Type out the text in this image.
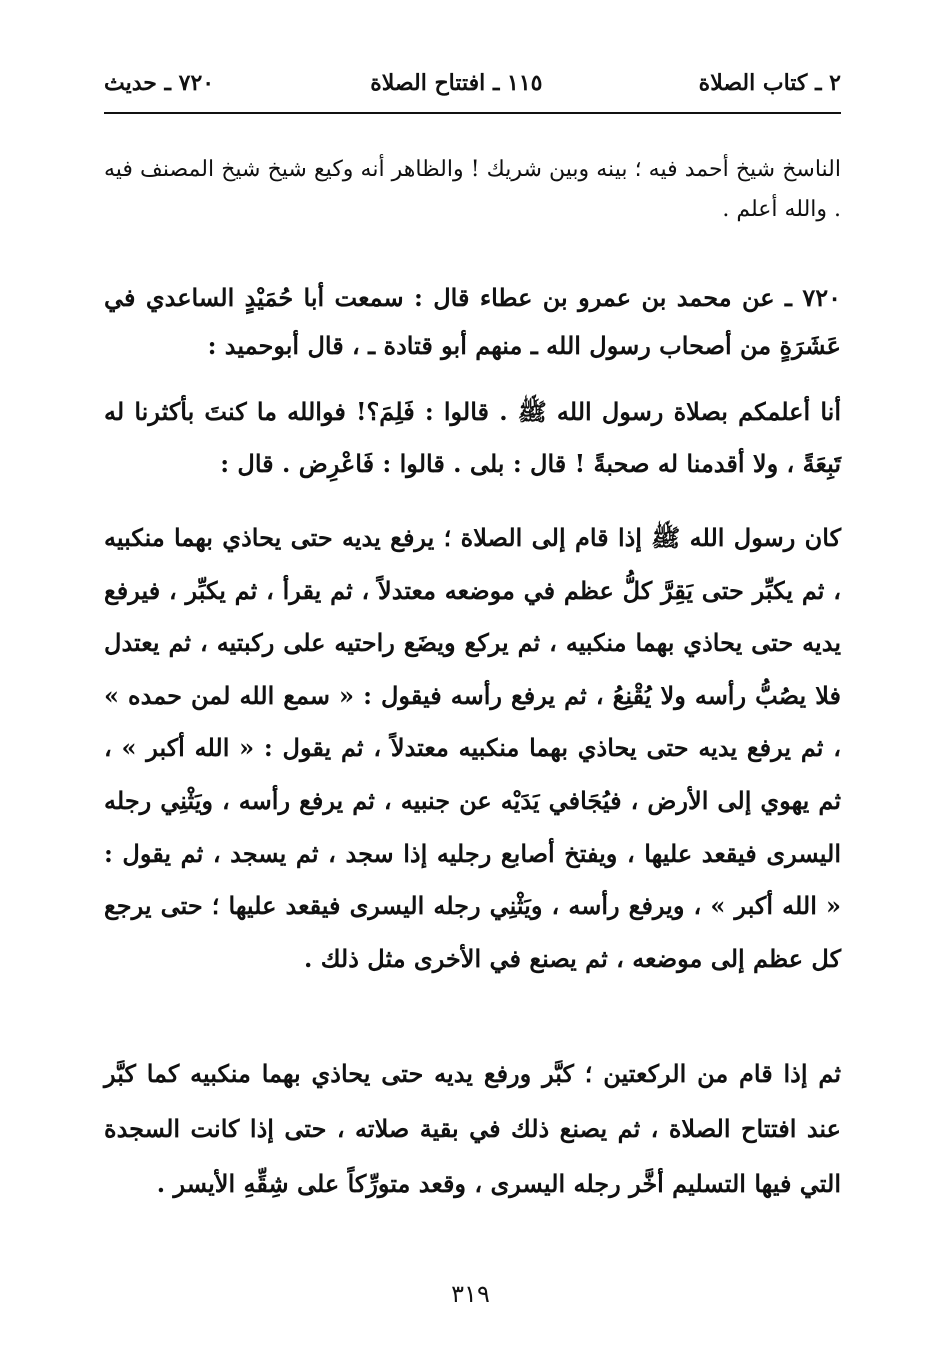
٢ ـ كتاب الصلاة
١١٥ ـ افتتاح الصلاة
٧٢٠ ـ حديث

الناسخ شيخ أحمد فيه ؛ بينه وبين شريك ! والظاهر أنه وكيع شيخ شيخ المصنف فيه . والله أعلم .

٧٢٠ ـ عن محمد بن عمرو بن عطاء قال : سمعت أبا حُمَيْدٍ الساعدي في عَشَرَةٍ من أصحاب رسول الله ـ منهم أبو قتادة ـ ، قال أبوحميد :

أنا أعلمكم بصلاة رسول الله ﷺ . قالوا : فَلِمَ؟! فوالله ما كنتَ بأكثرنا له تَبِعَةً ، ولا أقدمنا له صحبةً ! قال : بلى . قالوا : فَاعْرِض . قال :

كان رسول الله ﷺ إذا قام إلى الصلاة ؛ يرفع يديه حتى يحاذي بهما منكبيه ، ثم يكبِّر حتى يَقِرَّ كلُّ عظم في موضعه معتدلاً ، ثم يقرأ ، ثم يكبِّر ، فيرفع يديه حتى يحاذي بهما منكبيه ، ثم يركع ويضَع راحتيه على ركبتيه ، ثم يعتدل فلا يصُبُّ رأسه ولا يُقْنِعُ ، ثم يرفع رأسه فيقول : « سمع الله لمن حمده » ، ثم يرفع يديه حتى يحاذي بهما منكبيه معتدلاً ، ثم يقول : « الله أكبر » ، ثم يهوي إلى الأرض ، فيُجَافي يَدَيْه عن جنبيه ، ثم يرفع رأسه ، ويَثْنِي رجله اليسرى فيقعد عليها ، ويفتخ أصابع رجليه إذا سجد ، ثم يسجد ، ثم يقول : « الله أكبر » ، ويرفع رأسه ، ويَثْنِي رجله اليسرى فيقعد عليها ؛ حتى يرجع كل عظم إلى موضعه ، ثم يصنع في الأخرى مثل ذلك .

ثم إذا قام من الركعتين ؛ كبَّر ورفع يديه حتى يحاذي بهما منكبيه كما كبَّر عند افتتاح الصلاة ، ثم يصنع ذلك في بقية صلاته ، حتى إذا كانت السجدة التي فيها التسليم أخَّر رجله اليسرى ، وقعد متورِّكاً على شِقِّهِ الأيسر .

٣١٩
